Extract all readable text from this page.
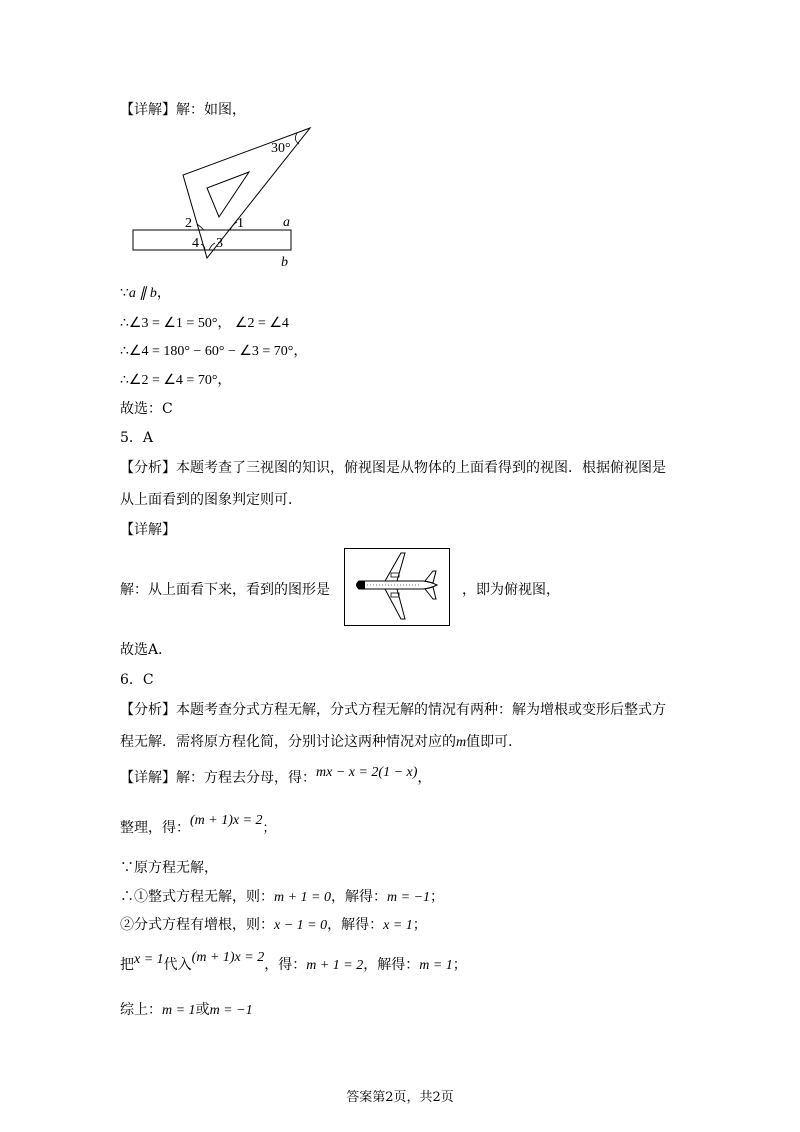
【详解】解：如图，
30°
1
2
3
4
a
b
∵a ∥ b，
∴∠3 = ∠1 = 50°， ∠2 = ∠4
∴∠4 = 180° − 60° − ∠3 = 70°，
∴∠2 = ∠4 = 70°，
故选：C
5．A
【分析】本题考查了三视图的知识，俯视图是从物体的上面看得到的视图．根据俯视图是
从上面看到的图象判定则可．
【详解】
解：从上面看下来，看到的图形是	，即为俯视图，
故选A．
6．C
【分析】本题考查分式方程无解，分式方程无解的情况有两种：解为增根或变形后整式方
程无解．需将原方程化简，分别讨论这两种情况对应的m值即可．
【详解】解：方程去分母，得：mx − x = 2(1 − x)，
整理，得：(m + 1)x = 2；
∵原方程无解，
∴①整式方程无解，则：m + 1 = 0，解得：m = −1；
②分式方程有增根，则：x − 1 = 0，解得：x = 1；
把x = 1代入(m + 1)x = 2，得：m + 1 = 2，解得：m = 1；
综上：m = 1或m = −1
答案第2页，共2页
